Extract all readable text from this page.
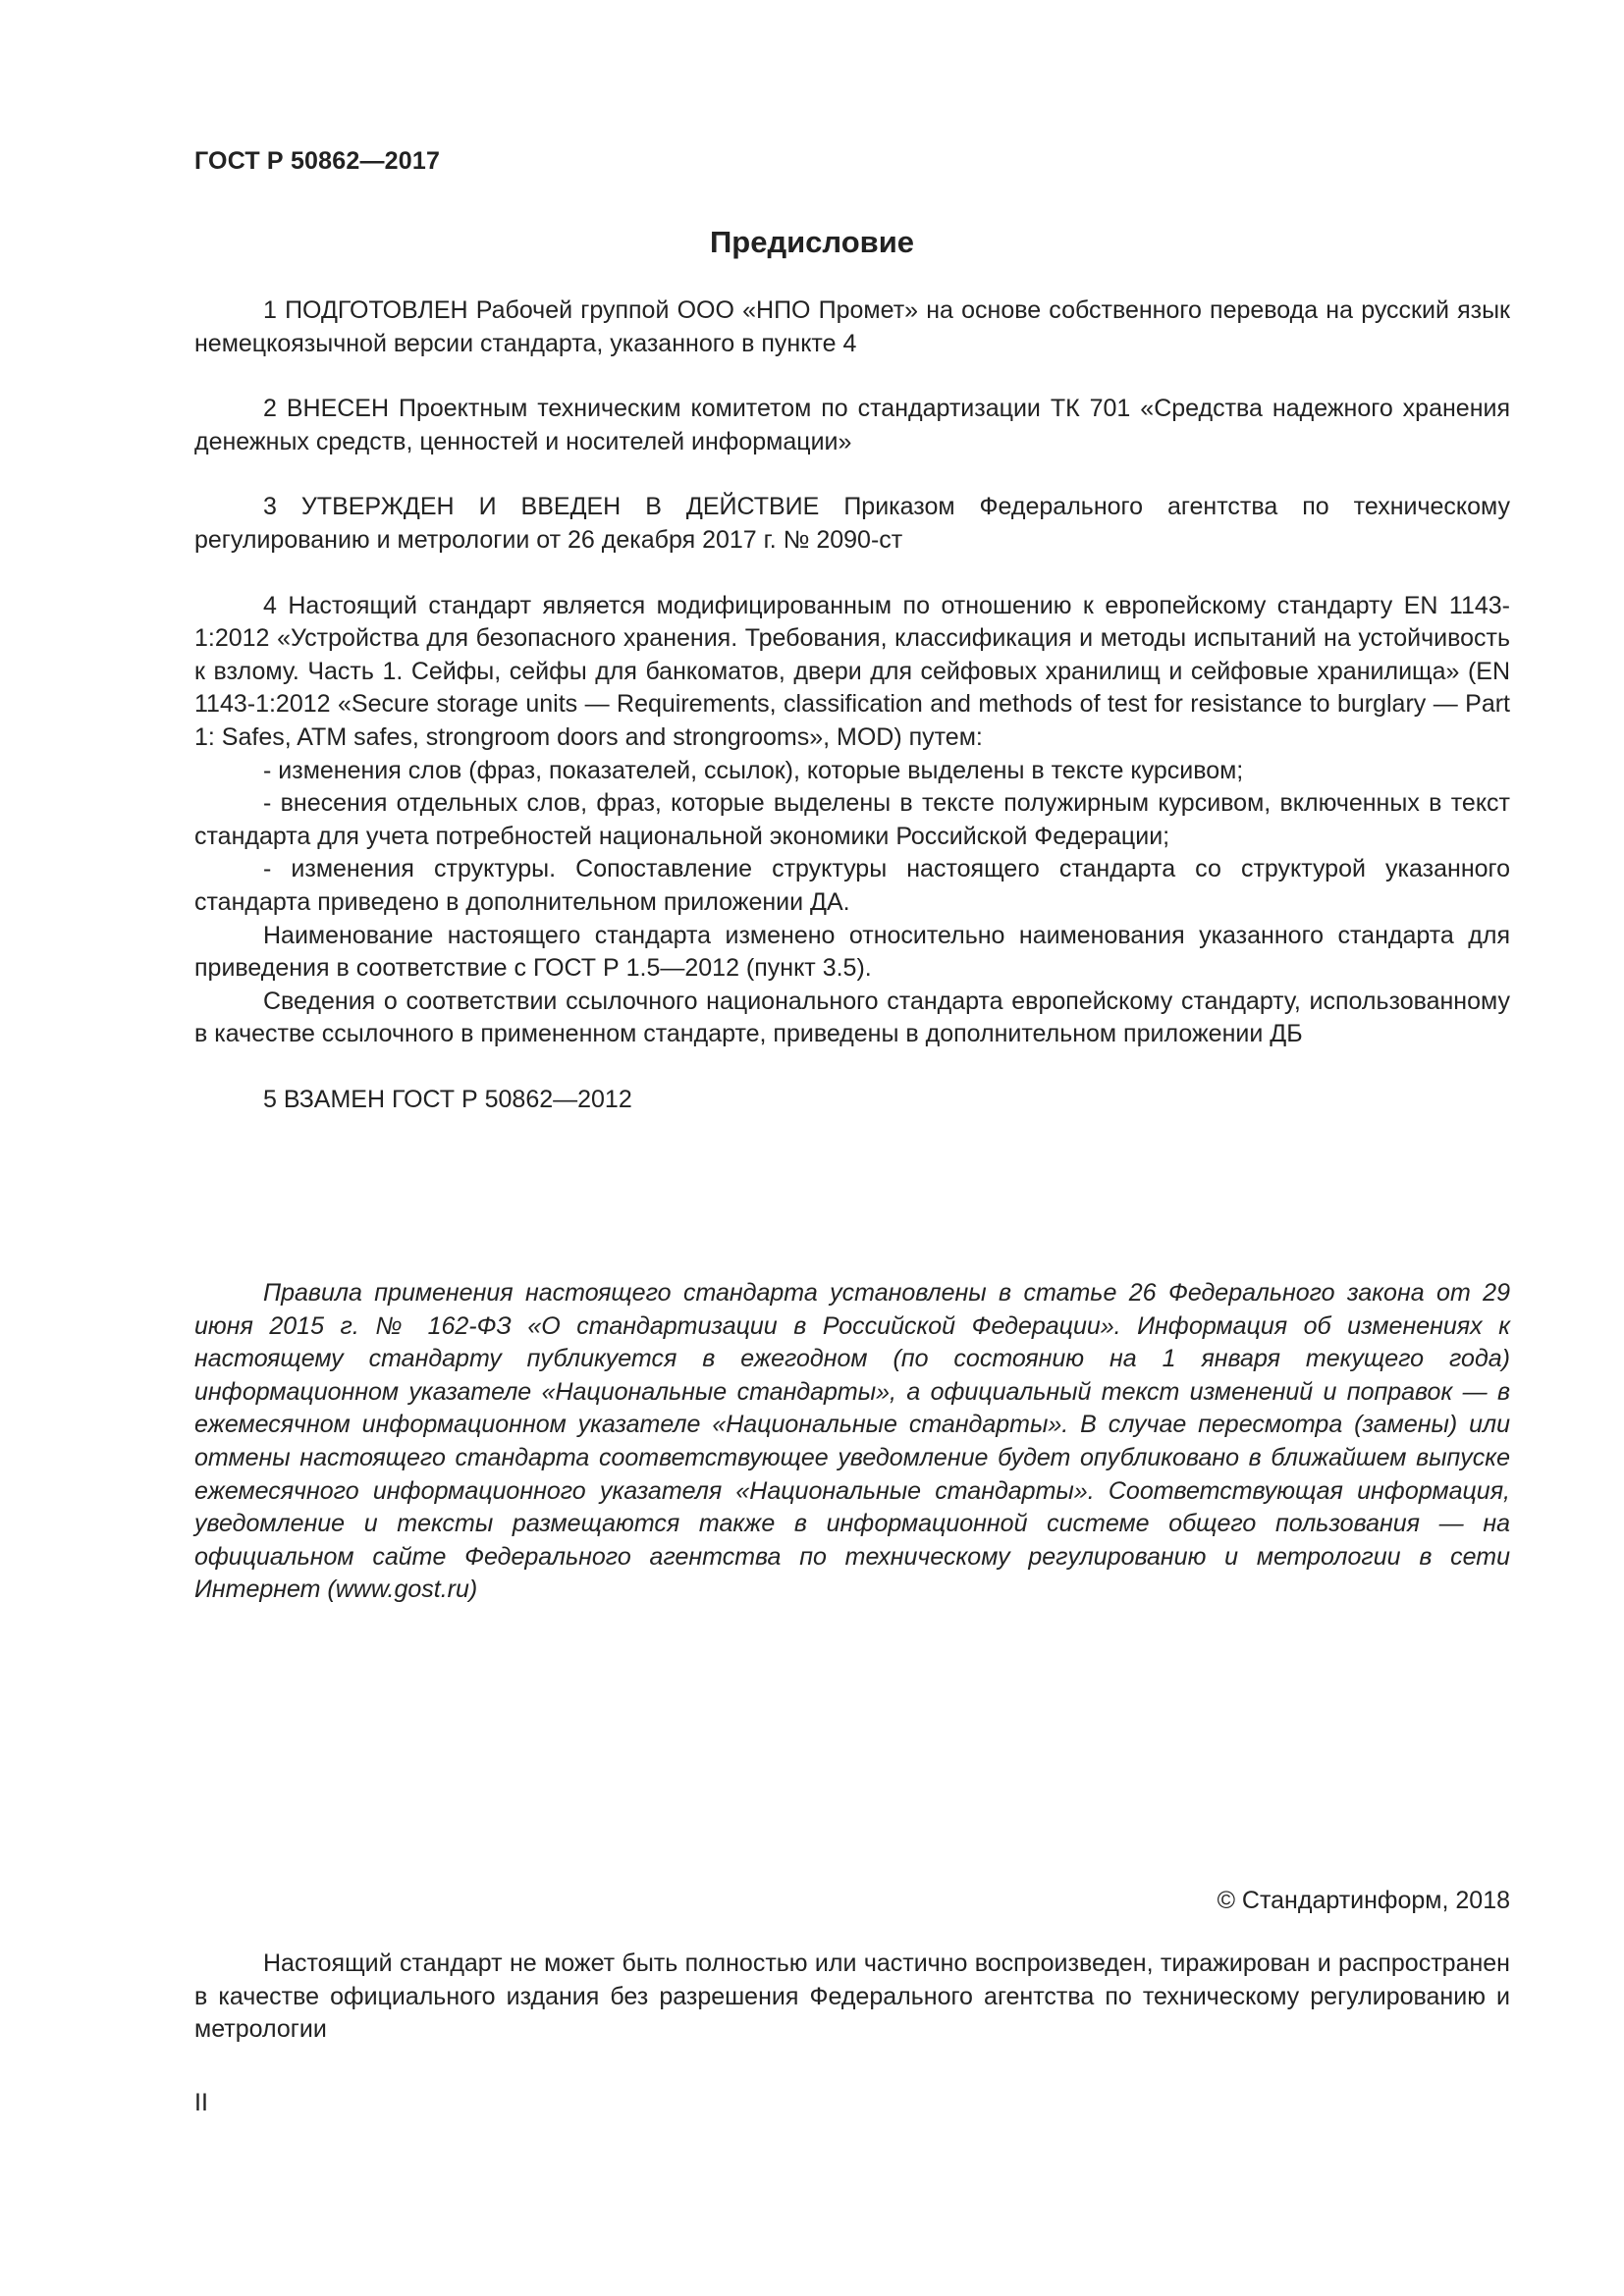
ГОСТ Р 50862—2017
Предисловие

1 ПОДГОТОВЛЕН Рабочей группой ООО «НПО Промет» на основе собственного перевода на русский язык немецкоязычной версии стандарта, указанного в пункте 4

2 ВНЕСЕН Проектным техническим комитетом по стандартизации ТК 701 «Средства надежного хранения денежных средств, ценностей и носителей информации»

3 УТВЕРЖДЕН И ВВЕДЕН В ДЕЙСТВИЕ Приказом Федерального агентства по техническому регулированию и метрологии от 26 декабря 2017 г. № 2090-ст

4 Настоящий стандарт является модифицированным по отношению к европейскому стандарту EN 1143-1:2012 «Устройства для безопасного хранения. Требования, классификация и методы испытаний на устойчивость к взлому. Часть 1. Сейфы, сейфы для банкоматов, двери для сейфовых хранилищ и сейфовые хранилища» (EN 1143-1:2012 «Secure storage units — Requirements, classification and methods of test for resistance to burglary — Part 1: Safes, ATM safes, strongroom doors and strongrooms», MOD) путем:

- изменения слов (фраз, показателей, ссылок), которые выделены в тексте курсивом;

- внесения отдельных слов, фраз, которые выделены в тексте полужирным курсивом, включенных в текст стандарта для учета потребностей национальной экономики Российской Федерации;

- изменения структуры. Сопоставление структуры настоящего стандарта со структурой указанного стандарта приведено в дополнительном приложении ДА.

Наименование настоящего стандарта изменено относительно наименования указанного стандарта для приведения в соответствие с ГОСТ Р 1.5—2012 (пункт 3.5).

Сведения о соответствии ссылочного национального стандарта европейскому стандарту, использованному в качестве ссылочного в примененном стандарте, приведены в дополнительном приложении ДБ

5 ВЗАМЕН ГОСТ Р 50862—2012

Правила применения настоящего стандарта установлены в статье 26 Федерального закона от 29 июня 2015 г. № 162-ФЗ «О стандартизации в Российской Федерации». Информация об изменениях к настоящему стандарту публикуется в ежегодном (по состоянию на 1 января текущего года) информационном указателе «Национальные стандарты», а официальный текст изменений и поправок — в ежемесячном информационном указателе «Национальные стандарты». В случае пересмотра (замены) или отмены настоящего стандарта соответствующее уведомление будет опубликовано в ближайшем выпуске ежемесячного информационного указателя «Национальные стандарты». Соответствующая информация, уведомление и тексты размещаются также в информационной системе общего пользования — на официальном сайте Федерального агентства по техническому регулированию и метрологии в сети Интернет (www.gost.ru)

© Стандартинформ, 2018

Настоящий стандарт не может быть полностью или частично воспроизведен, тиражирован и распространен в качестве официального издания без разрешения Федерального агентства по техническому регулированию и метрологии

II
